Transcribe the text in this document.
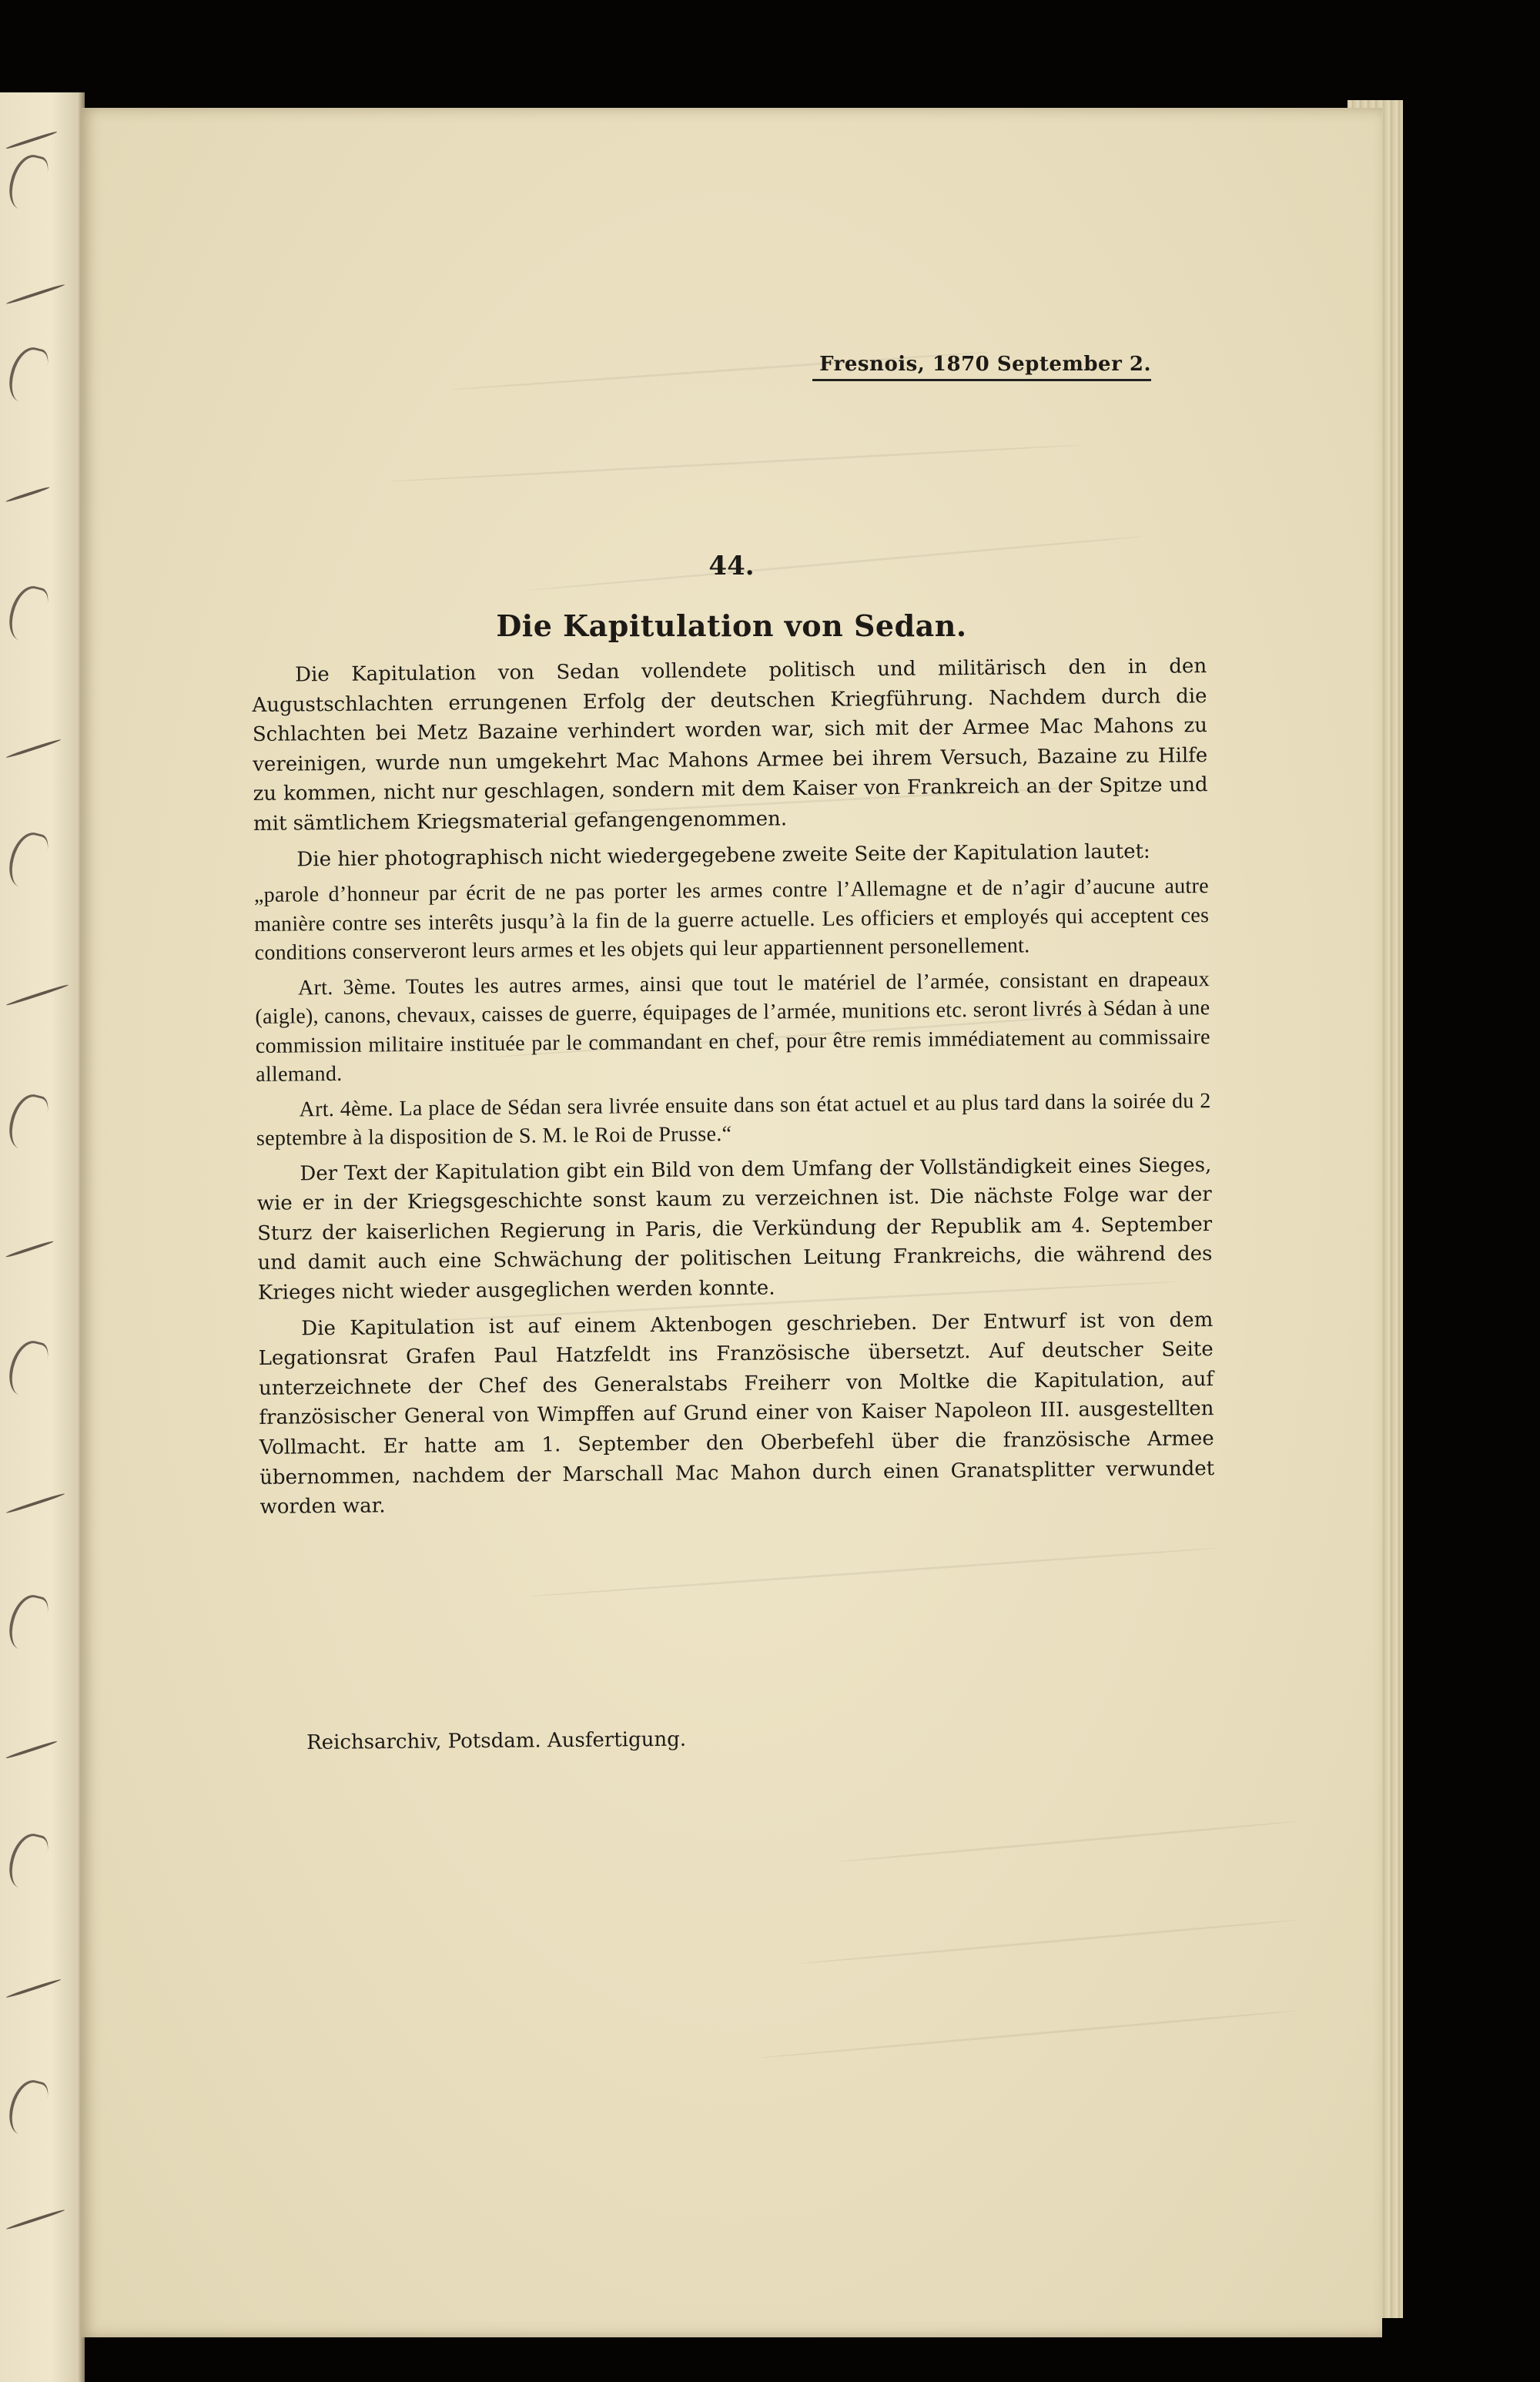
Fresnois, 1870 September 2.
44.
Die Kapitulation von Sedan.

Die Kapitulation von Sedan vollendete politisch und militärisch den in den Augustschlachten errungenen Erfolg der deutschen Kriegführung. Nachdem durch die Schlachten bei Metz Bazaine verhindert worden war, sich mit der Armee Mac Mahons zu vereinigen, wurde nun umgekehrt Mac Mahons Armee bei ihrem Versuch, Bazaine zu Hilfe zu kommen, nicht nur geschlagen, sondern mit dem Kaiser von Frankreich an der Spitze und mit sämtlichem Kriegsmaterial gefangengenommen.

Die hier photographisch nicht wiedergegebene zweite Seite der Kapitulation lautet:

„parole d’honneur par écrit de ne pas porter les armes contre l’Allemagne et de n’agir d’aucune autre manière contre ses interêts jusqu’à la fin de la guerre actuelle. Les officiers et employés qui acceptent ces conditions conserveront leurs armes et les objets qui leur appartiennent personellement.

Art. 3ème. Toutes les autres armes, ainsi que tout le matériel de l’armée, consistant en drapeaux (aigle), canons, chevaux, caisses de guerre, équipages de l’armée, munitions etc. seront livrés à Sédan à une commission militaire instituée par le commandant en chef, pour être remis immédiatement au commissaire allemand.

Art. 4ème. La place de Sédan sera livrée ensuite dans son état actuel et au plus tard dans la soirée du 2 septembre à la disposition de S. M. le Roi de Prusse.“

Der Text der Kapitulation gibt ein Bild von dem Umfang der Vollständigkeit eines Sieges, wie er in der Kriegsgeschichte sonst kaum zu verzeichnen ist. Die nächste Folge war der Sturz der kaiserlichen Regierung in Paris, die Verkündung der Republik am 4. September und damit auch eine Schwächung der politischen Leitung Frankreichs, die während des Krieges nicht wieder ausgeglichen werden konnte.

Die Kapitulation ist auf einem Aktenbogen geschrieben. Der Entwurf ist von dem Legationsrat Grafen Paul Hatzfeldt ins Französische übersetzt. Auf deutscher Seite unterzeichnete der Chef des Generalstabs Freiherr von Moltke die Kapitulation, auf französischer General von Wimpffen auf Grund einer von Kaiser Napoleon III. ausgestellten Vollmacht. Er hatte am 1. September den Oberbefehl über die französische Armee übernommen, nachdem der Marschall Mac Mahon durch einen Granatsplitter verwundet worden war.

Reichsarchiv, Potsdam. Ausfertigung.
